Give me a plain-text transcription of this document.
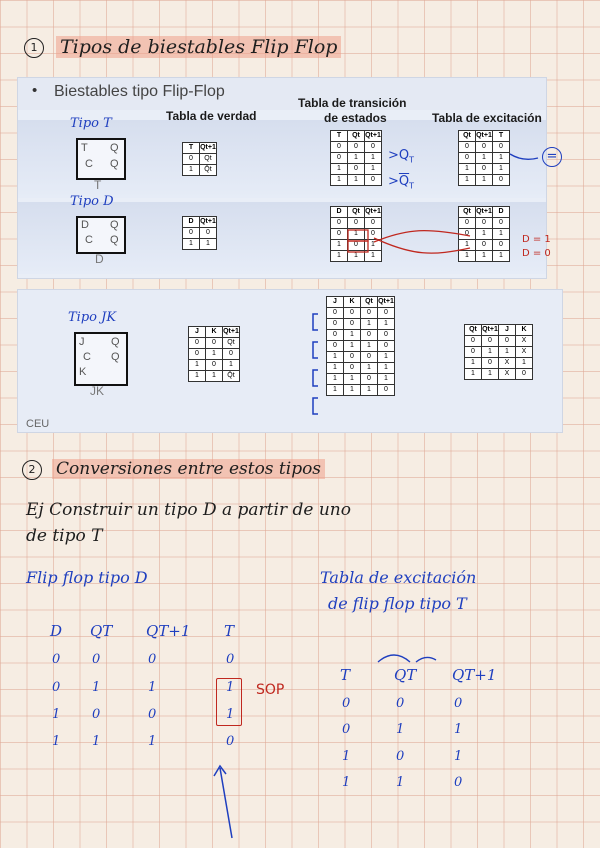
1	Tipos de biestables Flip Flop
• Biestables tipo Flip-Flop
Tabla de verdad
Tabla de transición
de estados	Tabla de excitación
Tipo T
T
C
Q
Q
T
Tipo D
D
C
Q
Q
D
T	Qt+1
0	Qt
1	Q̄t
D	Qt+1
0	0
1	1
T	Qt	Qt+1
0	0	0
0	1	1
1	0	1
1	1	0
D	Qt	Qt+1
0	0	0
0	1	0
1	0	1
1	1	1
Qt	Qt+1	T
0	0	0
0	1	1
1	0	1
1	1	0
Qt	Qt+1	D
0	0	0
0	1	1
1	0	0
1	1	1
$>Q_T$
$>\overline{Q}_T$
=
D = 1
D = 0
Tipo JK
J
C
K
Q
Q
JK
J	K	Qt+1
0	0	Qt
0	1	0
1	0	1
1	1	Q̄t
J	K	Qt	Qt+1
0	0	0	0
0	0	1	1
0	1	0	0
0	1	1	0
1	0	0	1
1	0	1	1
1	1	0	1
1	1	1	0
Qt	Qt+1	J	K
0	0	0	X
0	1	1	X
1	0	X	1
1	1	X	0
CEU
2	Conversiones entre estos tipos
Ej Construir un tipo D a partir de uno
de tipo T
Flip flop tipo D	Tabla de excitación
de flip flop tipo T
D QT QT+1 T
0 0	0	0
0 1	1	1
1 0	0	1
1 1	1	0
SOP
T	QT QT+1
0	0	0
0	1	1
1	0	1
1	1	0
